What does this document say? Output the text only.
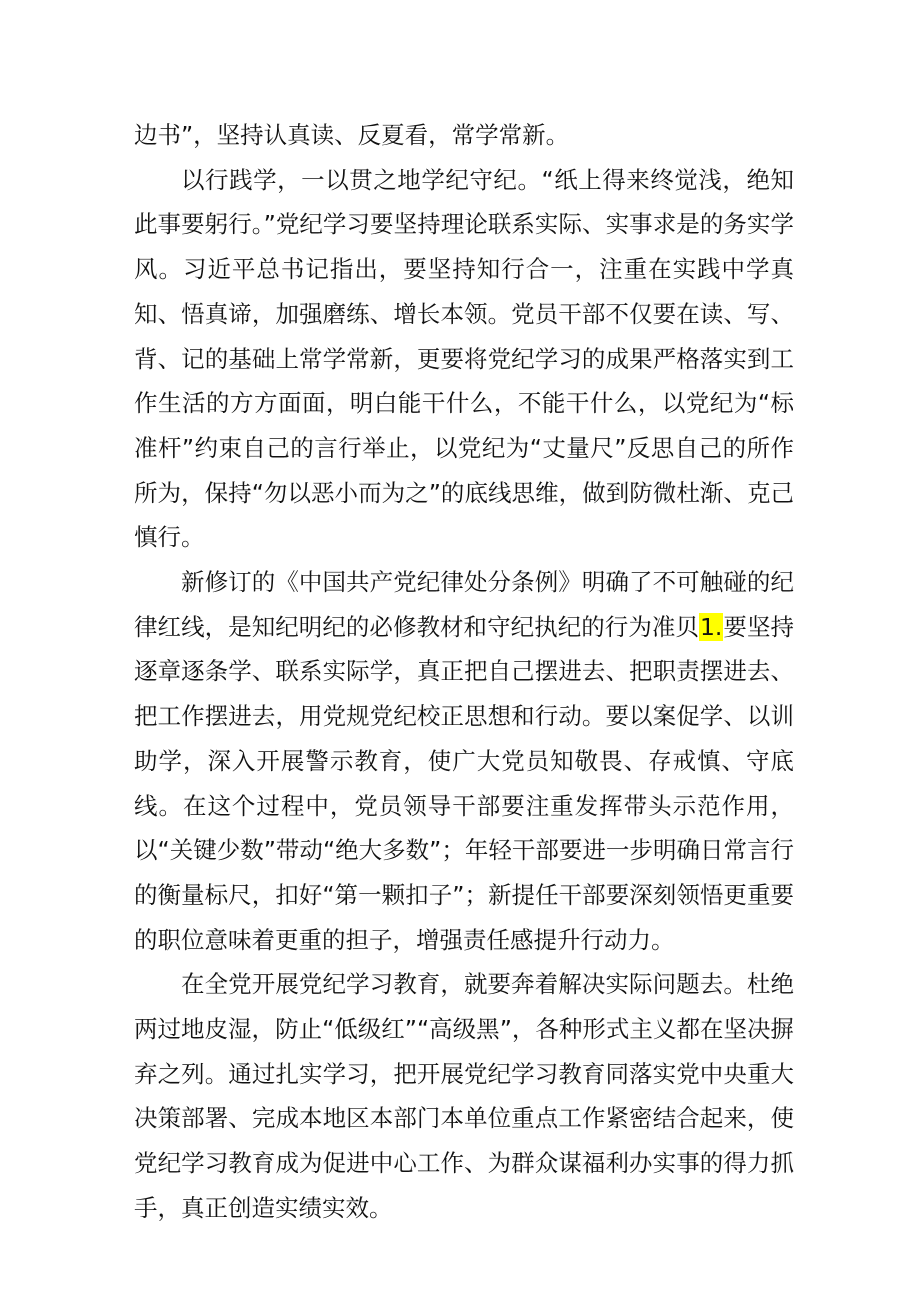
边书”，坚持认真读、反夏看，常学常新。

以行践学，一以贯之地学纪守纪。“纸上得来终觉浅，绝知此事要躬行。”党纪学习要坚持理论联系实际、实事求是的务实学风。习近平总书记指出，要坚持知行合一，注重在实践中学真知、悟真谛，加强磨练、增长本领。党员干部不仅要在读、写、背、记的基础上常学常新，更要将党纪学习的成果严格落实到工作生活的方方面面，明白能干什么，不能干什么，以党纪为“标准杆”约束自己的言行举止，以党纪为“丈量尺”反思自己的所作所为，保持“勿以恶小而为之”的底线思维，做到防微杜渐、克己慎行。

新修订的《中国共产党纪律处分条例》明确了不可触碰的纪律红线，是知纪明纪的必修教材和守纪执纪的行为准贝1.要坚持逐章逐条学、联系实际学，真正把自己摆进去、把职责摆进去、把工作摆进去，用党规党纪校正思想和行动。要以案促学、以训助学，深入开展警示教育，使广大党员知敬畏、存戒慎、守底线。在这个过程中，党员领导干部要注重发挥带头示范作用，以“关键少数”带动“绝大多数”；年轻干部要进一步明确日常言行的衡量标尺，扣好“第一颗扣子”；新提任干部要深刻领悟更重要的职位意味着更重的担子，增强责任感提升行动力。

在全党开展党纪学习教育，就要奔着解决实际问题去。杜绝两过地皮湿，防止“低级红”“高级黑”，各种形式主义都在坚决摒弃之列。通过扎实学习，把开展党纪学习教育同落实党中央重大决策部署、完成本地区本部门本单位重点工作紧密结合起来，使党纪学习教育成为促进中心工作、为群众谋福利办实事的得力抓手，真正创造实绩实效。
